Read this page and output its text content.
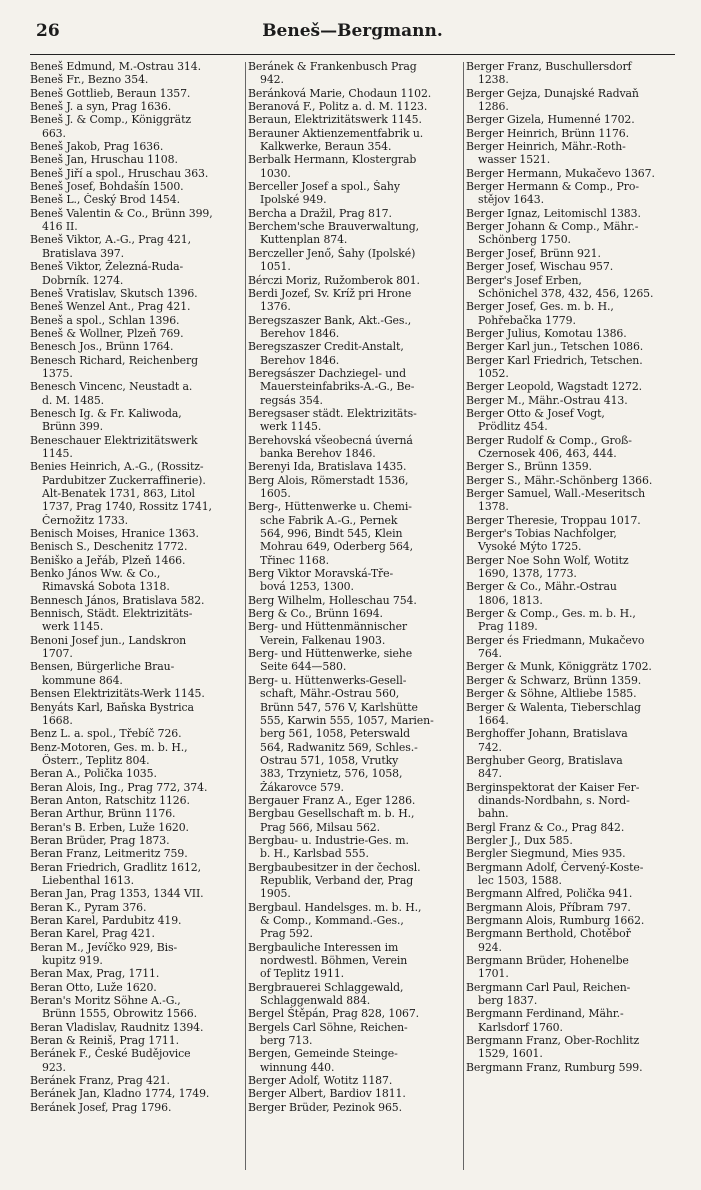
26	Beneš—Bergmann.
Beneš Edmund, M.-Ostrau 314.
Beneš Fr., Bezno 354.
Beneš Gottlieb, Beraun 1357.
Beneš J. a syn, Prag 1636.
Beneš J. & Comp., Königgrätz
663.
Beneš Jakob, Prag 1636.
Beneš Jan, Hruschau 1108.
Beneš Jiří a spol., Hruschau 363.
Beneš Josef, Bohdašín 1500.
Beneš L., Český Brod 1454.
Beneš Valentin & Co., Brünn 399,
416 II.
Beneš Viktor, A.-G., Prag 421,
Bratislava 397.
Beneš Viktor, Železná-Ruda-
Dobrník. 1274.
Beneš Vratislav, Skutsch 1396.
Beneš Wenzel Ant., Prag 421.
Beneš a spol., Schlan 1396.
Beneš & Wollner, Plzeň 769.
Benesch Jos., Brünn 1764.
Benesch Richard, Reichenberg
1375.
Benesch Vincenc, Neustadt a.
d. M. 1485.
Benesch Ig. & Fr. Kaliwoda,
Brünn 399.
Beneschauer Elektrizitätswerk
1145.
Benies Heinrich, A.-G., (Rossitz-
Pardubitzer Zuckerraffinerie).
Alt-Benatek 1731, 863, Litol
1737, Prag 1740, Rossitz 1741,
Černožitz 1733.
Benisch Moises, Hranice 1363.
Benisch S., Deschenitz 1772.
Beniško a Jeřáb, Plzeň 1466.
Benko János Ww. & Co.,
Rimavská Sobota 1318.
Bennesch János, Bratislava 582.
Bennisch, Städt. Elektrizitäts-
werk 1145.
Benoni Josef jun., Landskron
1707.
Bensen, Bürgerliche Brau-
kommune 864.
Bensen Elektrizitäts-Werk 1145.
Benyáts Karl, Baňska Bystrica
1668.
Benz L. a. spol., Třebíč 726.
Benz-Motoren, Ges. m. b. H.,
Österr., Teplitz 804.
Beran A., Polička 1035.
Beran Alois, Ing., Prag 772, 374.
Beran Anton, Ratschitz 1126.
Beran Arthur, Brünn 1176.
Beran's B. Erben, Luže 1620.
Beran Brüder, Prag 1873.
Beran Franz, Leitmeritz 759.
Beran Friedrich, Gradlitz 1612,
Liebenthal 1613.
Beran Jan, Prag 1353, 1344 VII.
Beran K., Pyram 376.
Beran Karel, Pardubitz 419.
Beran Karel, Prag 421.
Beran M., Jevíčko 929, Bis-
kupitz 919.
Beran Max, Prag, 1711.
Beran Otto, Luže 1620.
Beran's Moritz Söhne A.-G.,
Brünn 1555, Obrowitz 1566.
Beran Vladislav, Raudnitz 1394.
Beran & Reiniš, Prag 1711.
Beránek F., České Budějovice
923.
Beránek Franz, Prag 421.
Beránek Jan, Kladno 1774, 1749.
Beránek Josef, Prag 1796.
Beránek & Frankenbusch Prag
942.
Beránková Marie, Chodaun 1102.
Beranová F., Politz a. d. M. 1123.
Beraun, Elektrizitätswerk 1145.
Berauner Aktienzementfabrik u.
Kalkwerke, Beraun 354.
Berbalk Hermann, Klostergrab
1030.
Berceller Josef a spol., Šahy
Ipolské 949.
Bercha a Dražil, Prag 817.
Berchem'sche Brauverwaltung,
Kuttenplan 874.
Berczeller Jenő, Šahy (Ipolské)
1051.
Bérczi Moriz, Ružomberok 801.
Berdi Jozef, Sv. Kríž pri Hrone
1376.
Beregszaszer Bank, Akt.-Ges.,
Berehov 1846.
Beregszaszer Credit-Anstalt,
Berehov 1846.
Beregsászer Dachziegel- und
Mauersteinfabriks-A.-G., Be-
regsás 354.
Beregsaser städt. Elektrizitäts-
werk 1145.
Berehovská všeobecná úverná
banka Berehov 1846.
Berenyi Ida, Bratislava 1435.
Berg Alois, Römerstadt 1536,
1605.
Berg-, Hüttenwerke u. Chemi-
sche Fabrik A.-G., Pernek
564, 996, Bindt 545, Klein
Mohrau 649, Oderberg 564,
Třinec 1168.
Berg Viktor Moravská-Tře-
bová 1253, 1300.
Berg Wilhelm, Holleschau 754.
Berg & Co., Brünn 1694.
Berg- und Hüttenmännischer
Verein, Falkenau 1903.
Berg- und Hüttenwerke, siehe
Seite 644—580.
Berg- u. Hüttenwerks-Gesell-
schaft, Mähr.-Ostrau 560,
Brünn 547, 576 V, Karlshütte
555, Karwin 555, 1057, Marien-
berg 561, 1058, Peterswald
564, Radwanitz 569, Schles.-
Ostrau 571, 1058, Vrutky
383, Trzynietz, 576, 1058,
Žákarovce 579.
Bergauer Franz A., Eger 1286.
Bergbau Gesellschaft m. b. H.,
Prag 566, Milsau 562.
Bergbau- u. Industrie-Ges. m.
b. H., Karlsbad 555.
Bergbaubesitzer in der čechosl.
Republik, Verband der, Prag
1905.
Bergbaul. Handelsges. m. b. H.,
& Comp., Kommand.-Ges.,
Prag 592.
Bergbauliche Interessen im
nordwestl. Böhmen, Verein
of Teplitz 1911.
Bergbrauerei Schlaggewald,
Schlaggenwald 884.
Bergel Štěpán, Prag 828, 1067.
Bergels Carl Söhne, Reichen-
berg 713.
Bergen, Gemeinde Steinge-
winnung 440.
Berger Adolf, Wotitz 1187.
Berger Albert, Bardiov 1811.
Berger Brüder, Pezinok 965.
Berger Franz, Buschullersdorf
1238.
Berger Gejza, Dunajské Radvaň
1286.
Berger Gizela, Humenné 1702.
Berger Heinrich, Brünn 1176.
Berger Heinrich, Mähr.-Roth-
wasser 1521.
Berger Hermann, Mukačevo 1367.
Berger Hermann & Comp., Pro-
stějov 1643.
Berger Ignaz, Leitomischl 1383.
Berger Johann & Comp., Mähr.-
Schönberg 1750.
Berger Josef, Brünn 921.
Berger Josef, Wischau 957.
Berger's Josef Erben,
Schönichel 378, 432, 456, 1265.
Berger Josef, Ges. m. b. H.,
Pohřebačka 1779.
Berger Julius, Komotau 1386.
Berger Karl jun., Tetschen 1086.
Berger Karl Friedrich, Tetschen.
1052.
Berger Leopold, Wagstadt 1272.
Berger M., Mähr.-Ostrau 413.
Berger Otto & Josef Vogt,
Prödlitz 454.
Berger Rudolf & Comp., Groß-
Czernosek 406, 463, 444.
Berger S., Brünn 1359.
Berger S., Mähr.-Schönberg 1366.
Berger Samuel, Wall.-Meseritsch
1378.
Berger Theresie, Troppau 1017.
Berger's Tobias Nachfolger,
Vysoké Mýto 1725.
Berger Noe Sohn Wolf, Wotitz
1690, 1378, 1773.
Berger & Co., Mähr.-Ostrau
1806, 1813.
Berger & Comp., Ges. m. b. H.,
Prag 1189.
Berger és Friedmann, Mukačevo
764.
Berger & Munk, Königgrätz 1702.
Berger & Schwarz, Brünn 1359.
Berger & Söhne, Altliebe 1585.
Berger & Walenta, Tieberschlag
1664.
Berghoffer Johann, Bratislava
742.
Berghuber Georg, Bratislava
847.
Berginspektorat der Kaiser Fer-
dinands-Nordbahn, s. Nord-
bahn.
Bergl Franz & Co., Prag 842.
Bergler J., Dux 585.
Bergler Siegmund, Mies 935.
Bergmann Adolf, Červený-Koste-
lec 1503, 1588.
Bergmann Alfred, Polička 941.
Bergmann Alois, Příbram 797.
Bergmann Alois, Rumburg 1662.
Bergmann Berthold, Chotěboř
924.
Bergmann Brüder, Hohenelbe
1701.
Bergmann Carl Paul, Reichen-
berg 1837.
Bergmann Ferdinand, Mähr.-
Karlsdorf 1760.
Bergmann Franz, Ober-Rochlitz
1529, 1601.
Bergmann Franz, Rumburg 599.
